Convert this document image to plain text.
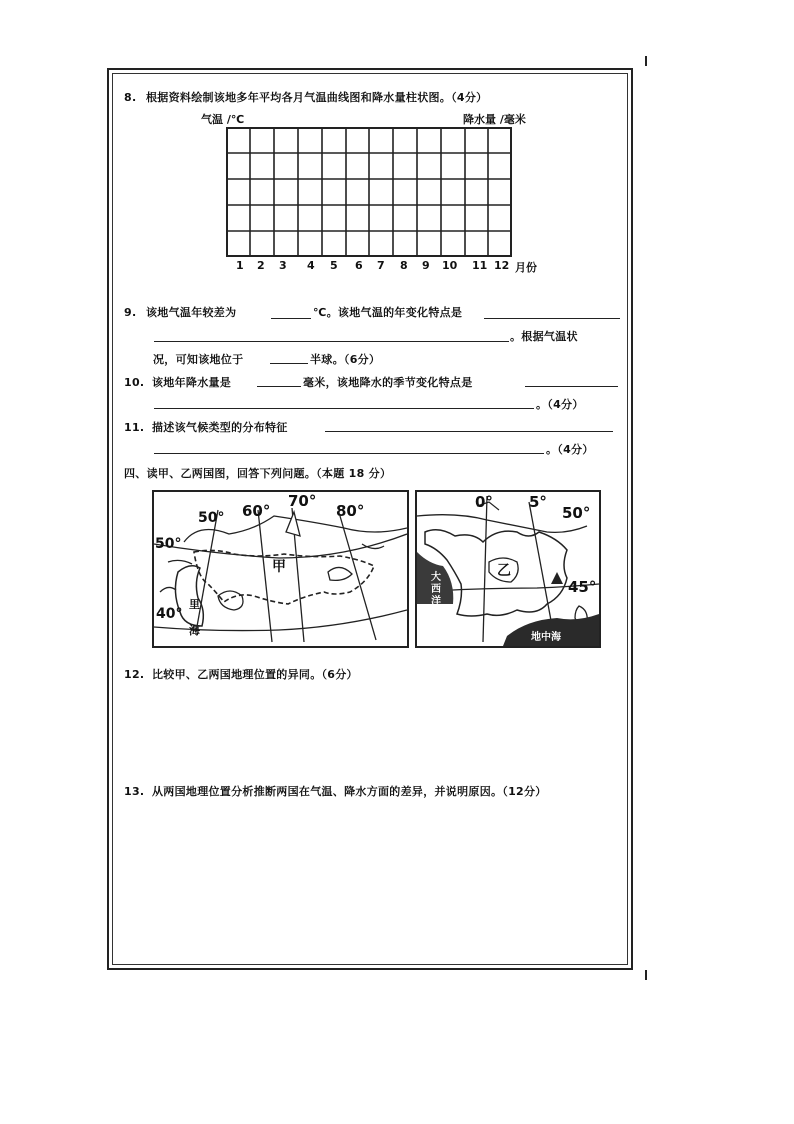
8. 根据资料绘制该地多年平均各月气温曲线图和降水量柱状图。（4分）
气温 /℃	降水量 /毫米
1 2 3 4 5 6 7 8 9 10 11 12 月份
9. 该地气温年较差为	℃。该地气温的年变化特点是
。根据气温状
况，可知该地位于	半球。（6分）
10. 该地年降水量是	毫米，该地降水的季节变化特点是
。（4分）
11. 描述该气候类型的分布特征
。（4分）
四、读甲、乙两国图，回答下列问题。（本题 18 分）
50° 60°
70°
80°
50°
40°
甲
里
海
0° 5°
50°
45°
乙
大
西
洋
地中海
12. 比较甲、乙两国地理位置的异同。（6分）
13. 从两国地理位置分析推断两国在气温、降水方面的差异，并说明原因。（12分）
